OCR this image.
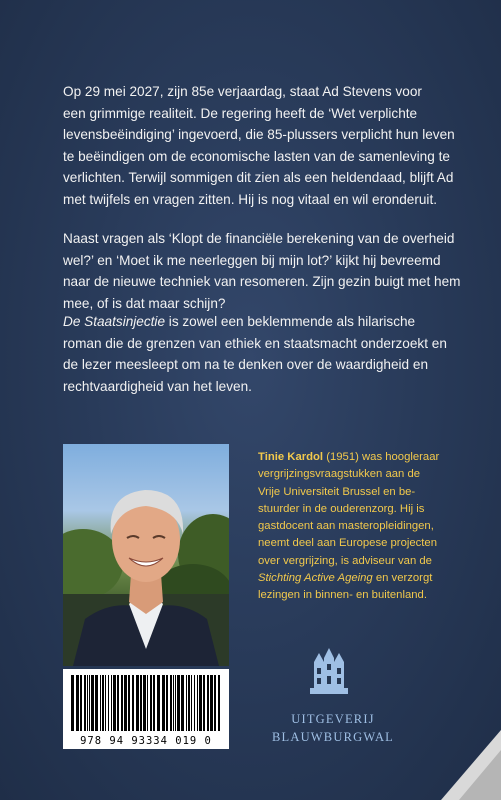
Op 29 mei 2027, zijn 85e verjaardag, staat Ad Stevens voor
een grimmige realiteit. De regering heeft de ‘Wet verplichte
levensbeëindiging’ ingevoerd, die 85-plussers verplicht hun leven
te beëindigen om de economische lasten van de samenleving te
verlichten. Terwijl sommigen dit zien als een heldendaad, blijft Ad
met twijfels en vragen zitten. Hij is nog vitaal en wil eronderuit.

Naast vragen als ‘Klopt de financiële berekening van de overheid
wel?’ en ‘Moet ik me neerleggen bij mijn lot?’ kijkt hij bevreemd
naar de nieuwe techniek van resomeren. Zijn gezin buigt met hem
mee, of is dat maar schijn?

De Staatsinjectie is zowel een beklemmende als hilarische
roman die de grenzen van ethiek en staatsmacht onderzoekt en
de lezer meesleept om na te denken over de waardigheid en
rechtvaardigheid van het leven.

Tinie Kardol (1951) was hoogleraar
vergrijzingsvraagstukken aan de
Vrije Universiteit Brussel en be-
stuurder in de ouderenzorg. Hij is
gastdocent aan masteropleidingen,
neemt deel aan Europese projecten
over vergrijzing, is adviseur van de
Stichting Active Ageing en verzorgt
lezingen in binnen- en buitenland.

978 94 93334 019 0
UITGEVERIJ
BLAUWBURGWAL
